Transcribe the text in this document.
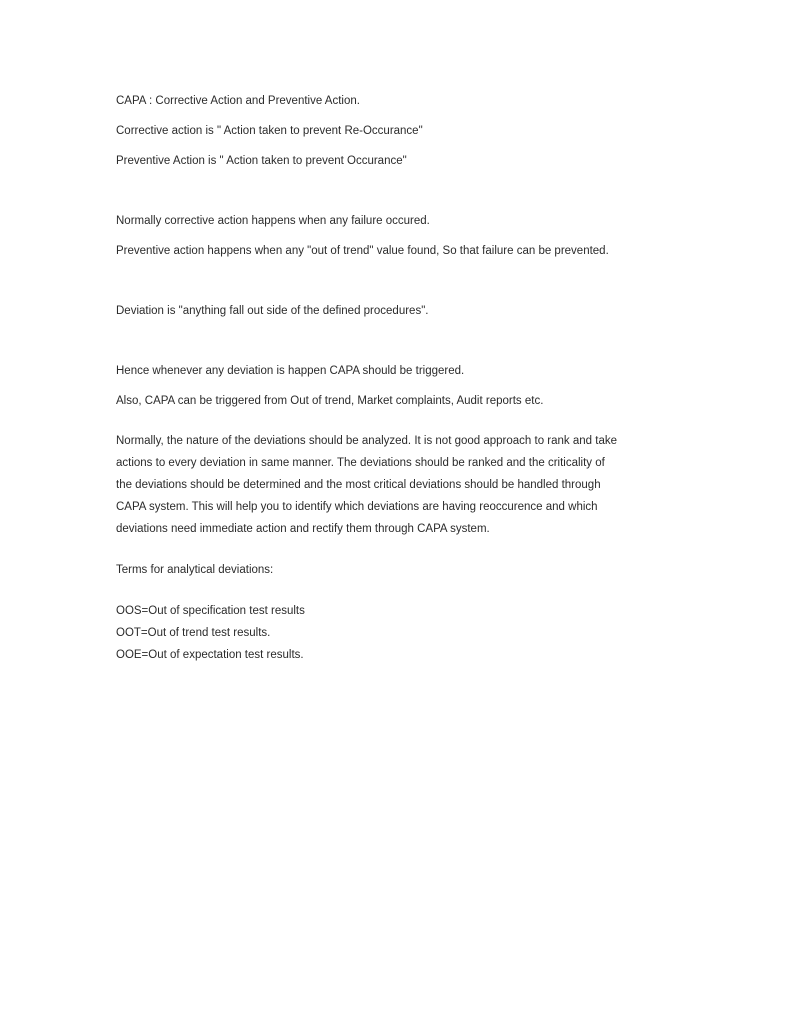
CAPA : Corrective Action and Preventive Action.

Corrective action is " Action taken to prevent Re-Occurance"

Preventive Action is " Action taken to prevent Occurance"

Normally corrective action happens when any failure occured.

Preventive action happens when any "out of trend" value found, So that failure can be prevented.

Deviation is "anything fall out side of the defined procedures".

Hence whenever any deviation is happen CAPA should be triggered.

Also, CAPA can be triggered from Out of trend, Market complaints, Audit reports etc.

Normally, the nature of the deviations should be analyzed. It is not good approach to rank and take

actions to every deviation in same manner. The deviations should be ranked and the criticality of

the deviations should be determined and the most critical deviations should be handled through

CAPA system. This will help you to identify which deviations are having reoccurence and which

deviations need immediate action and rectify them through CAPA system.

Terms for analytical deviations:

OOS=Out of specification test results

OOT=Out of trend test results.

OOE=Out of expectation test results.
